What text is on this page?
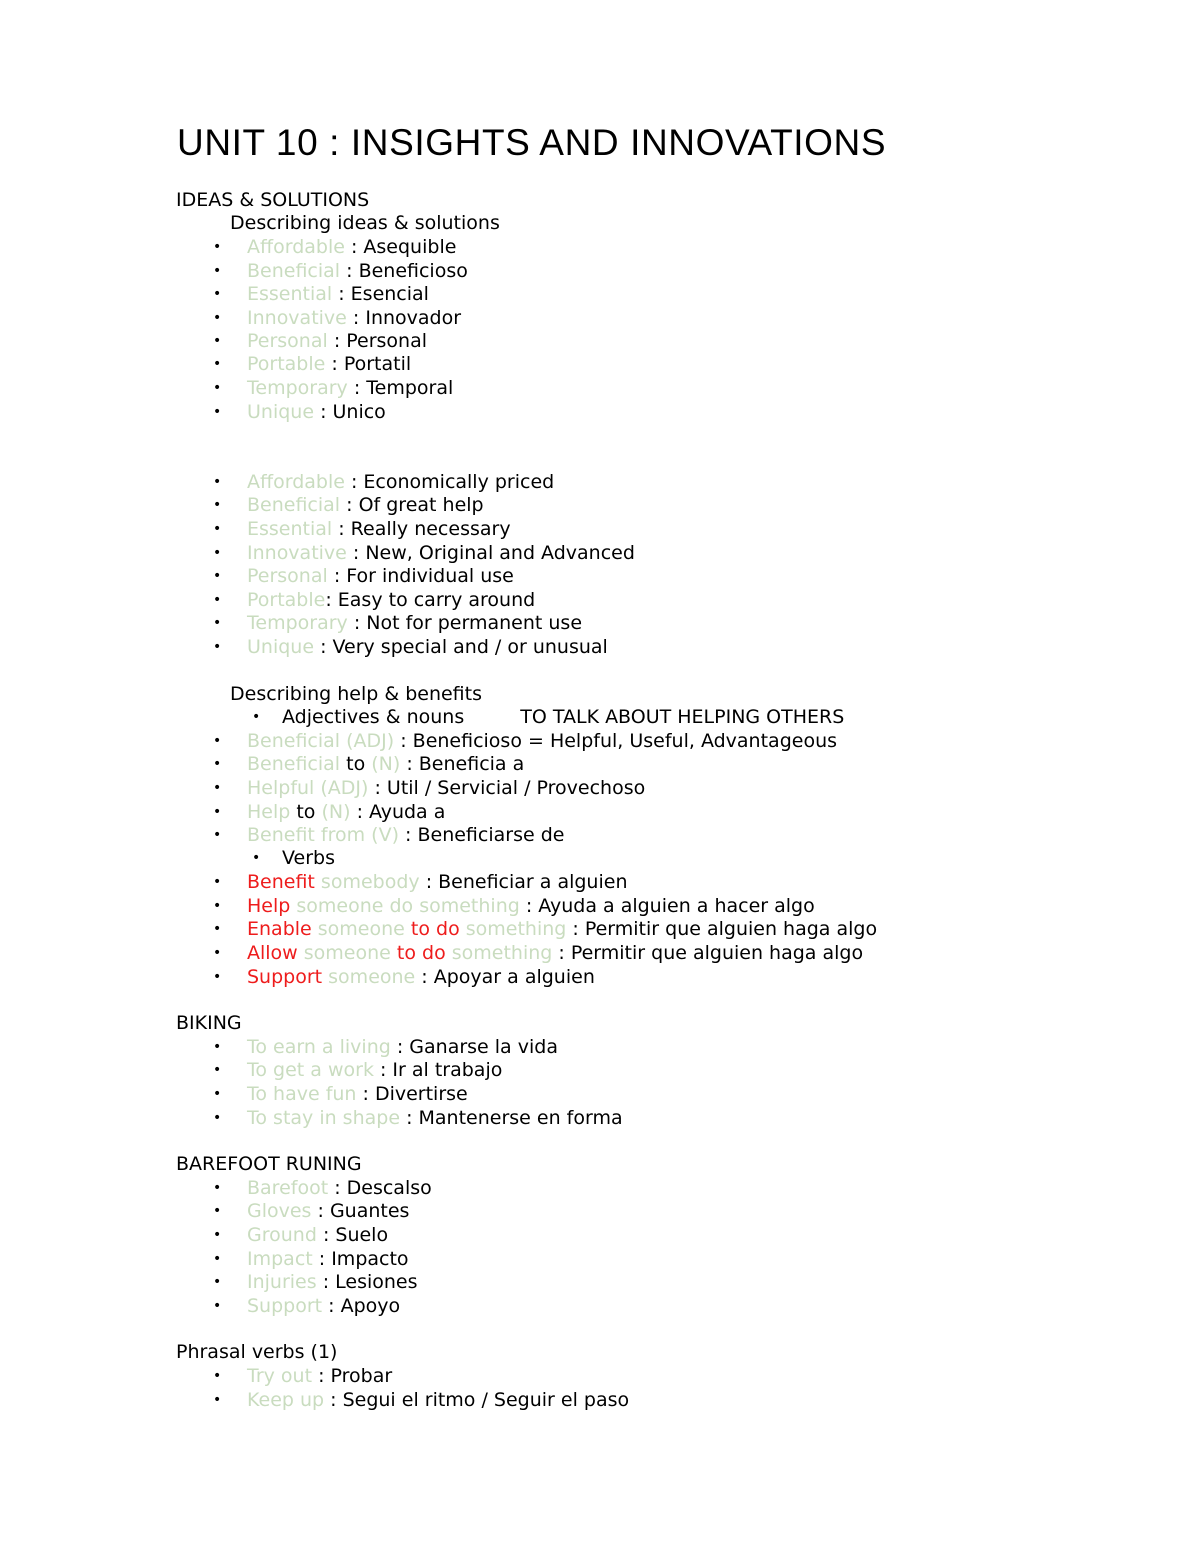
UNIT 10 : INSIGHTS AND INNOVATIONS
IDEAS & SOLUTIONS
Describing ideas & solutions
• Affordable : Asequible
• Beneficial : Beneficioso
• Essential : Esencial
• Innovative : Innovador
• Personal : Personal
• Portable : Portatil
• Temporary : Temporal
• Unique : Unico
• Affordable : Economically priced
• Beneficial : Of great help
• Essential : Really necessary
• Innovative : New, Original and Advanced
• Personal : For individual use
• Portable: Easy to carry around
• Temporary : Not for permanent use
• Unique : Very special and / or unusual
Describing help & benefits
• Adjectives & nouns	TO TALK ABOUT HELPING OTHERS
• Beneficial (ADJ) : Beneficioso = Helpful, Useful, Advantageous
• Beneficial to (N) : Beneficia a
• Helpful (ADJ) : Util / Servicial / Provechoso
• Help to (N) : Ayuda a
• Benefit from (V) : Beneficiarse de
• Verbs
• Benefit somebody : Beneficiar a alguien
• Help someone do something : Ayuda a alguien a hacer algo
• Enable someone to do something : Permitir que alguien haga algo
• Allow someone to do something : Permitir que alguien haga algo
• Support someone : Apoyar a alguien
BIKING
• To earn a living : Ganarse la vida
• To get a work : Ir al trabajo
• To have fun : Divertirse
• To stay in shape : Mantenerse en forma
BAREFOOT RUNING
• Barefoot : Descalso
• Gloves : Guantes
• Ground : Suelo
• Impact : Impacto
• Injuries : Lesiones
• Support : Apoyo
Phrasal verbs (1)
• Try out : Probar
• Keep up : Segui el ritmo / Seguir el paso
